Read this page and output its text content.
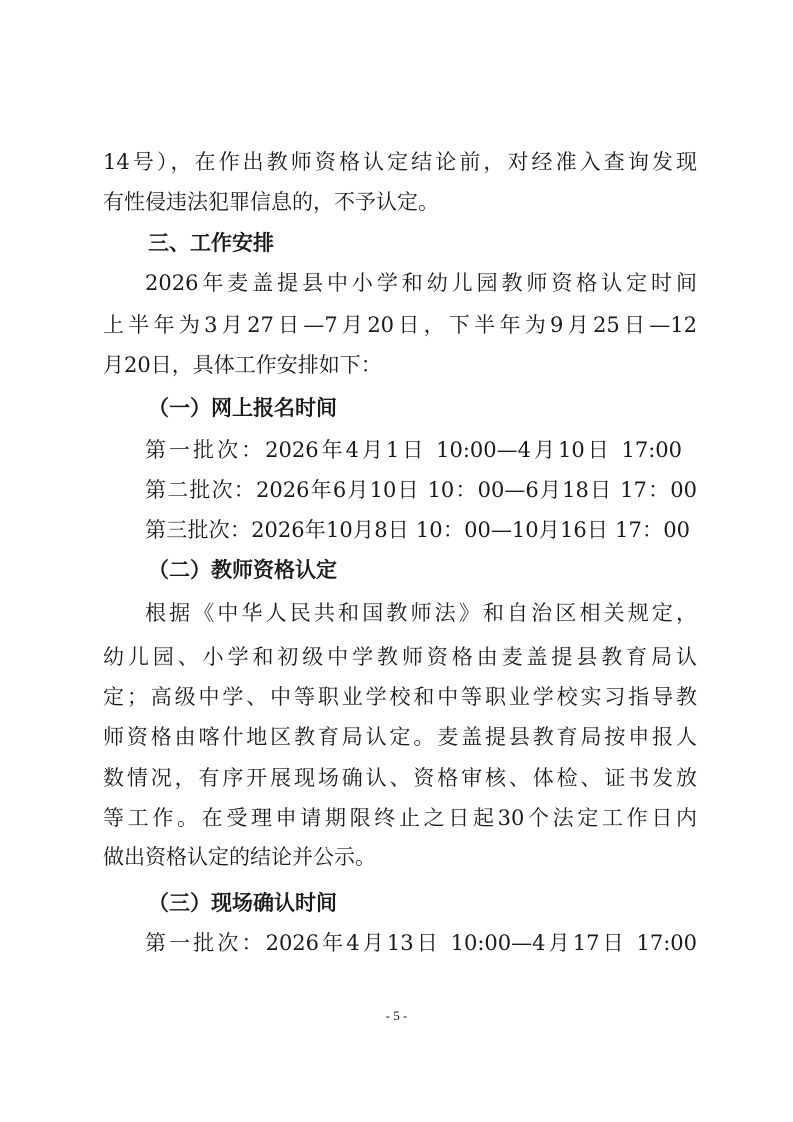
14号），在作出教师资格认定结论前，对经准入查询发现
有性侵违法犯罪信息的，不予认定。
三、工作安排
2026年麦盖提县中小学和幼儿园教师资格认定时间
上半年为3月27日—7月20日，下半年为9月25日—12
月20日，具体工作安排如下：
（一）网上报名时间
第一批次：2026年4月1日 10:00—4月10日 17:00
第二批次：2026年6月10日 10：00—6月18日 17：00
第三批次：2026年10月8日 10：00—10月16日 17：00
（二）教师资格认定
根据《中华人民共和国教师法》和自治区相关规定，
幼儿园、小学和初级中学教师资格由麦盖提县教育局认
定；高级中学、中等职业学校和中等职业学校实习指导教
师资格由喀什地区教育局认定。麦盖提县教育局按申报人
数情况，有序开展现场确认、资格审核、体检、证书发放
等工作。在受理申请期限终止之日起30个法定工作日内
做出资格认定的结论并公示。
（三）现场确认时间
第一批次：2026年4月13日 10:00—4月17日 17:00
- 5 -
